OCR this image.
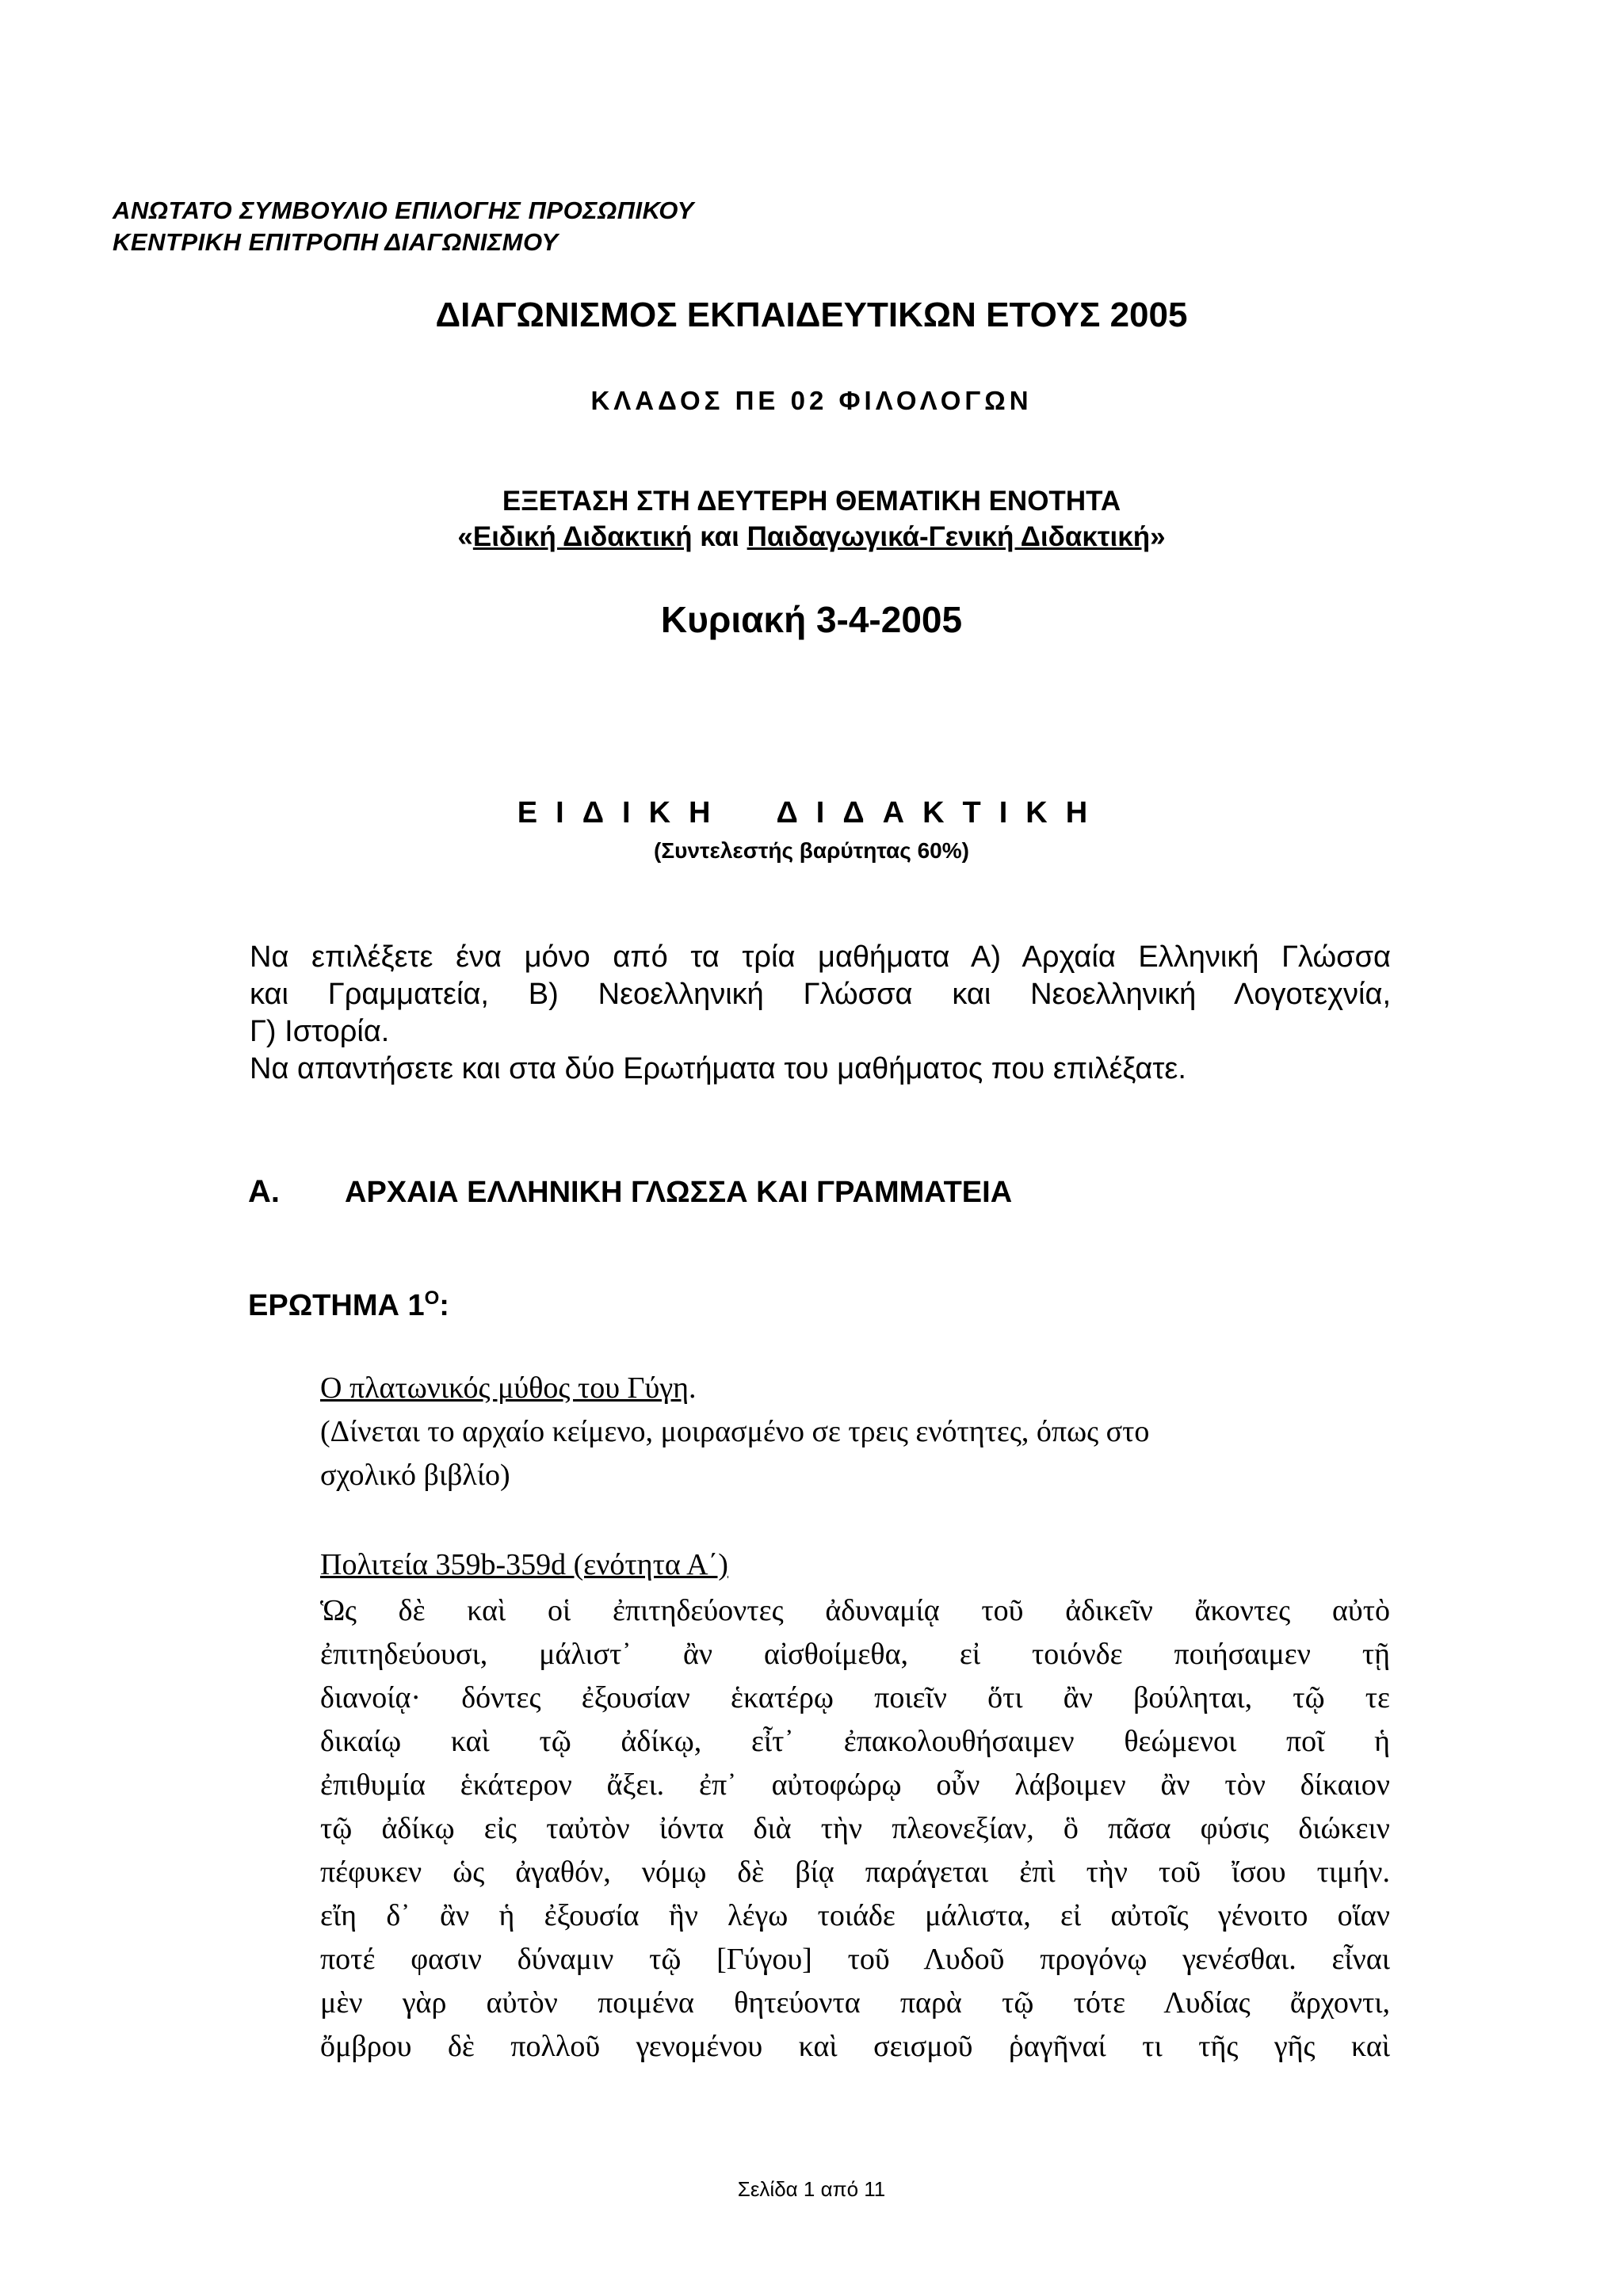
ΑΝΩΤΑΤΟ ΣΥΜΒΟΥΛΙΟ ΕΠΙΛΟΓΗΣ ΠΡΟΣΩΠΙΚΟΥ
ΚΕΝΤΡΙΚΗ ΕΠΙΤΡΟΠΗ ΔΙΑΓΩΝΙΣΜΟΥ
ΔΙΑΓΩΝΙΣΜΟΣ ΕΚΠΑΙΔΕΥΤΙΚΩΝ ΕΤΟΥΣ 2005
ΚΛΑΔΟΣ ΠΕ 02 ΦΙΛΟΛΟΓΩΝ
ΕΞΕΤΑΣΗ ΣΤΗ ΔΕΥΤΕΡΗ ΘΕΜΑΤΙΚΗ ΕΝΟΤΗΤΑ
«Ειδική Διδακτική και Παιδαγωγικά-Γενική Διδακτική»
Κυριακή 3-4-2005
ΕΙΔΙΚΗ ΔΙΔΑΚΤΙΚΗ
(Συντελεστής βαρύτητας 60%)

Να επιλέξετε ένα μόνο από τα τρία μαθήματα Α) Αρχαία Ελληνική Γλώσσα

και Γραμματεία, Β) Νεοελληνική Γλώσσα και Νεοελληνική Λογοτεχνία,

Γ) Ιστορία.

Να απαντήσετε και στα δύο Ερωτήματα του μαθήματος που επιλέξατε.

Α. ΑΡΧΑΙΑ ΕΛΛΗΝΙΚΗ ΓΛΩΣΣΑ ΚΑΙ ΓΡΑΜΜΑΤΕΙΑ
ΕΡΩΤΗΜΑ $1^O$:

Ο πλατωνικός μύθος του Γύγη.

(Δίνεται το αρχαίο κείμενο, μοιρασμένο σε τρεις ενότητες, όπως στο

σχολικό βιβλίο)

Πολιτεία 359b-359d (ενότητα Α΄)
Ὡς δὲ καὶ οἱ ἐπιτηδεύοντες ἀδυναμίᾳ τοῦ ἀδικεῖν ἄκοντες αὐτὸ
ἐπιτηδεύουσι, μάλιστ᾽ ἂν αἰσθοίμεθα, εἰ τοιόνδε ποιήσαιμεν τῇ
διανοίᾳ· δόντες ἐξουσίαν ἑκατέρῳ ποιεῖν ὅτι ἂν βούληται, τῷ τε
δικαίῳ καὶ τῷ ἀδίκῳ, εἶτ᾽ ἐπακολουθήσαιμεν θεώμενοι ποῖ ἡ
ἐπιθυμία ἑκάτερον ἄξει. ἐπ᾽ αὐτοφώρῳ οὖν λάβοιμεν ἂν τὸν δίκαιον
τῷ ἀδίκῳ εἰς ταὐτὸν ἰόντα διὰ τὴν πλεονεξίαν, ὃ πᾶσα φύσις διώκειν
πέφυκεν ὡς ἀγαθόν, νόμῳ δὲ βίᾳ παράγεται ἐπὶ τὴν τοῦ ἴσου τιμήν.
εἴη δ᾽ ἂν ἡ ἐξουσία ἣν λέγω τοιάδε μάλιστα, εἰ αὐτοῖς γένοιτο οἵαν
ποτέ φασιν δύναμιν τῷ [Γύγου] τοῦ Λυδοῦ προγόνῳ γενέσθαι. εἶναι
μὲν γὰρ αὐτὸν ποιμένα θητεύοντα παρὰ τῷ τότε Λυδίας ἄρχοντι,
ὄμβρου δὲ πολλοῦ γενομένου καὶ σεισμοῦ ῥαγῆναί τι τῆς γῆς καὶ
Σελίδα 1 από 11
